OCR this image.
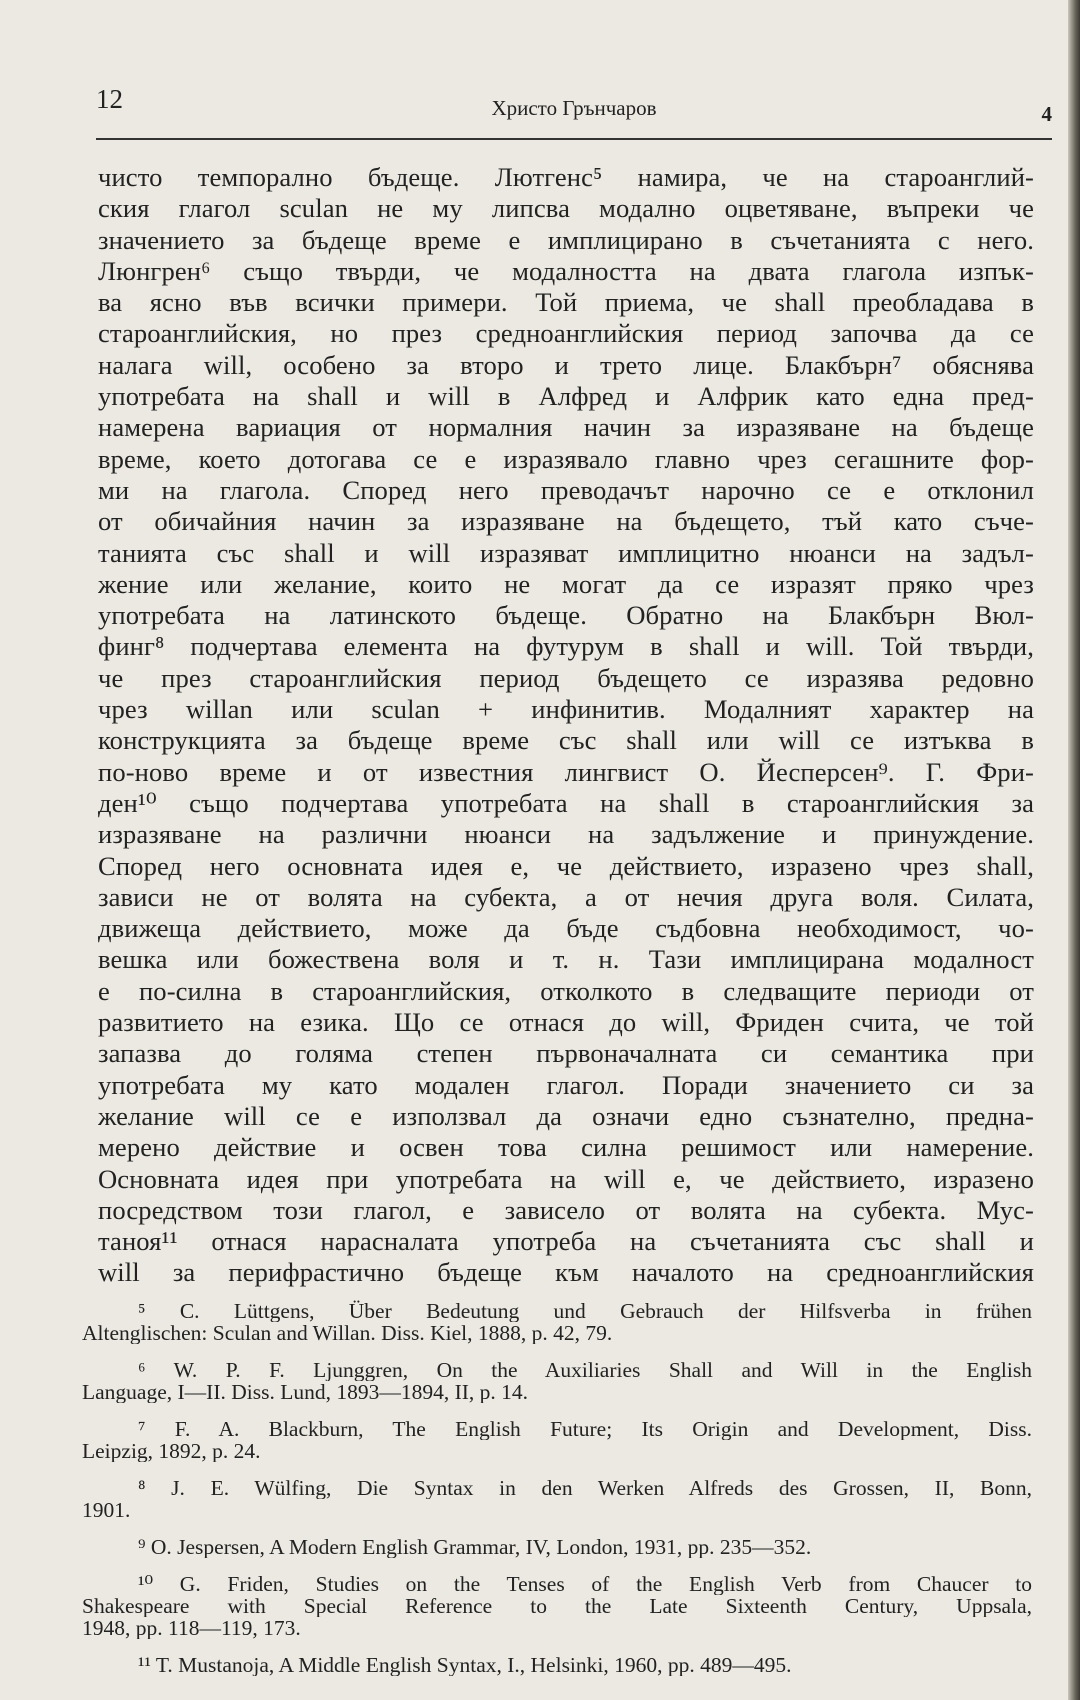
12	Христо Грънчаров	4
чисто темпорално бъдеще. Лютгенс⁵ намира, че на староанглий-
ския глагол sculan не му липсва модално оцветяване, въпреки че
значението за бъдеще време е имплицирано в съчетанията с него.
Люнгрен⁶ също твърди, че модалността на двата глагола изпък-
ва ясно във всички примери. Той приема, че shall преобладава в
староанглийския, но през среднoанглийския период започва да се
налага will, особено за второ и трето лице. Блакбърн⁷ обяснява
употребата на shall и will в Алфред и Алфрик като една пред-
намерена вариация от нормалния начин за изразяване на бъдеще
време, което дотогава се е изразявало главно чрез сегашните фор-
ми на глагола. Според него преводачът нарочно се е отклонил
от обичайния начин за изразяване на бъдещето, тъй като съче-
танията със shall и will изразяват имплицитно нюанси на задъл-
жение или желание, които не могат да се изразят пряко чрез
употребата на латинското бъдеще. Обратно на Блакбърн Вюл-
финг⁸ подчертава елемента на футурум в shall и will. Той твърди,
че през староанглийския период бъдещето се изразява редовно
чрез willan или sculan + инфинитив. Модалният характер на
конструкцията за бъдеще време със shall или will се изтъква в
по-ново време и от известния лингвист О. Йесперсен⁹. Г. Фри-
ден¹⁰ също подчертава употребата на shall в староанглийския за
изразяване на различни нюанси на задължение и принуждение.
Според него основната идея е, че действието, изразено чрез shall,
зависи не от волята на субекта, а от нечия друга воля. Силата,
движеща действието, може да бъде съдбовна необходимост, чо-
вешка или божествена воля и т. н. Тази имплицирана модалност
е по-силна в староанглийския, отколкото в следващите периоди от
развитието на езика. Що се отнася до will, Фриден счита, че той
запазва до голяма степен първоначалната си семантика при
употребата му като модален глагол. Поради значението си за
желание will се е използвал да означи едно съзнателно, предна-
мерено действие и освен това силна решимост или намерение.
Основната идея при употребата на will е, че действието, изразено
посредством този глагол, е зависело от волята на субекта. Мус-
таноя¹¹ отнася нарасналата употреба на съчетанията със shall и
will за перифрастично бъдеще към началото на среднoанглийския
⁵ C. Lüttgens, Über Bedeutung und Gebrauch der Hilfsverba in frühen
Altenglischen: Sculan and Willan. Diss. Kiel, 1888, p. 42, 79.
⁶ W. P. F. Ljunggren, On the Auxiliaries Shall and Will in the English
Language, I—II. Diss. Lund, 1893—1894, II, p. 14.
⁷ F. A. Blackburn, The English Future; Its Origin and Development, Diss.
Leipzig, 1892, p. 24.
⁸ J. E. Wülfing, Die Syntax in den Werken Alfreds des Grossen, II, Bonn,
1901.
⁹ O. Jespersen, A Modern English Grammar, IV, London, 1931, pp. 235—352.
¹⁰ G. Friden, Studies on the Tenses of the English Verb from Chaucer to
Shakespeare with Special Reference to the Late Sixteenth Century, Uppsala,
1948, pp. 118—119, 173.
¹¹ T. Mustanoja, A Middle English Syntax, I., Helsinki, 1960, pp. 489—495.
